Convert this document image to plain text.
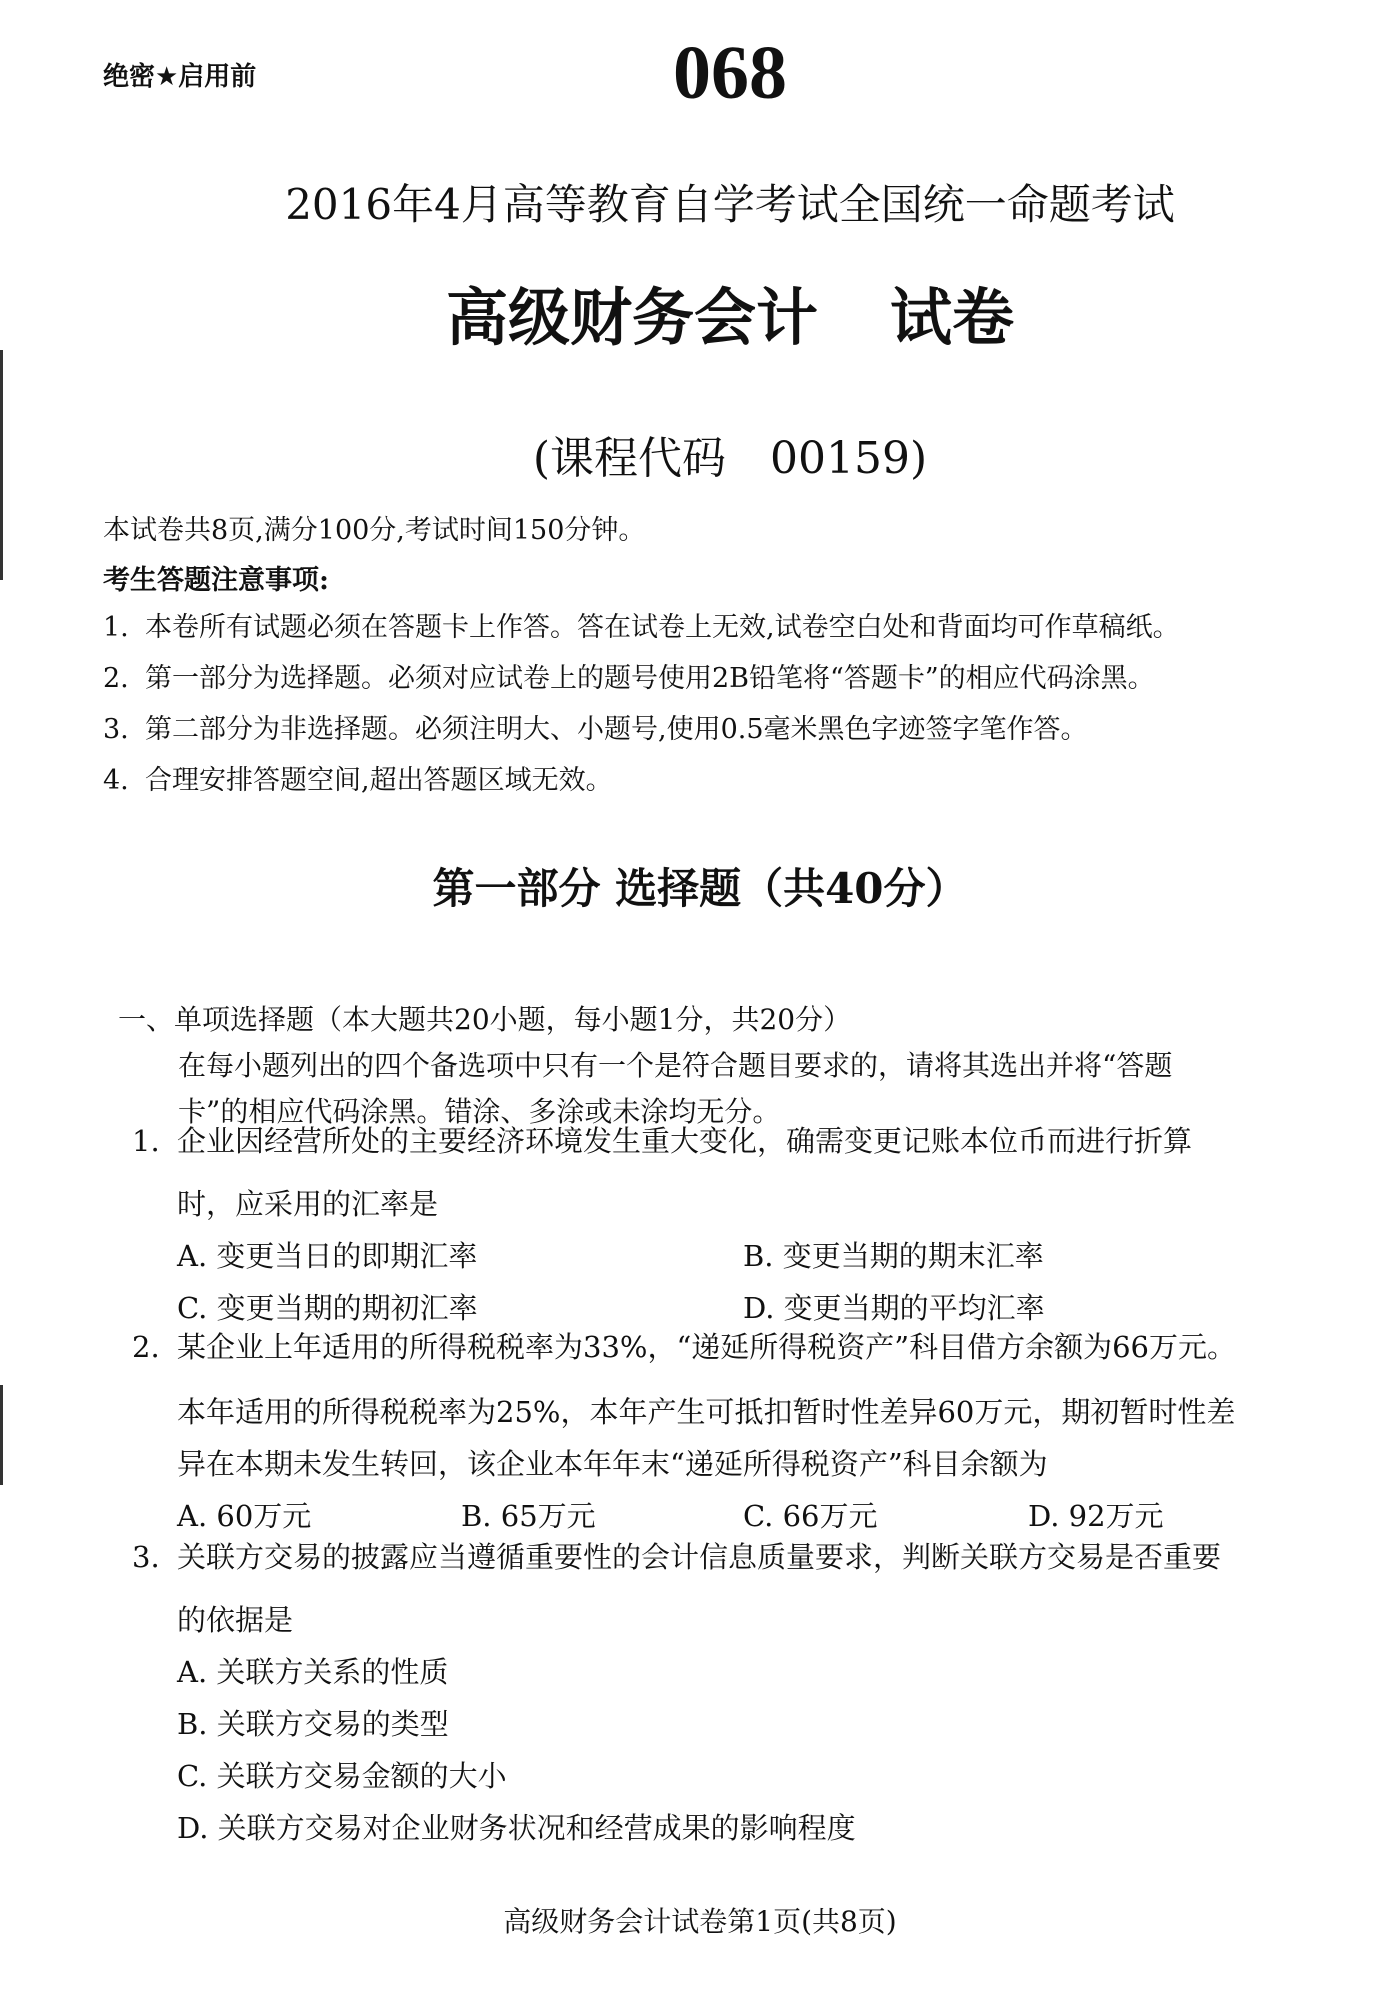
绝密★启用前	068
2016年4月高等教育自学考试全国统一命题考试
高级财务会计 试卷
(课程代码　00159)
本试卷共8页,满分100分,考试时间150分钟。
考生答题注意事项:
1. 本卷所有试题必须在答题卡上作答。答在试卷上无效,试卷空白处和背面均可作草稿纸。
2. 第一部分为选择题。必须对应试卷上的题号使用2B铅笔将“答题卡”的相应代码涂黑。
3. 第二部分为非选择题。必须注明大、小题号,使用0.5毫米黑色字迹签字笔作答。
4. 合理安排答题空间,超出答题区域无效。
第一部分 选择题（共40分）
一、单项选择题（本大题共20小题，每小题1分，共20分）
在每小题列出的四个备选项中只有一个是符合题目要求的，请将其选出并将“答题
卡”的相应代码涂黑。错涂、多涂或未涂均无分。
1. 企业因经营所处的主要经济环境发生重大变化，确需变更记账本位币而进行折算
时，应采用的汇率是
A. 变更当日的即期汇率	B. 变更当期的期末汇率
C. 变更当期的期初汇率	D. 变更当期的平均汇率
2. 某企业上年适用的所得税税率为33%，“递延所得税资产”科目借方余额为66万元。
本年适用的所得税税率为25%，本年产生可抵扣暂时性差异60万元，期初暂时性差
异在本期未发生转回，该企业本年年末“递延所得税资产”科目余额为
A. 60万元	B. 65万元	C. 66万元	D. 92万元
3. 关联方交易的披露应当遵循重要性的会计信息质量要求，判断关联方交易是否重要
的依据是
A. 关联方关系的性质
B. 关联方交易的类型
C. 关联方交易金额的大小
D. 关联方交易对企业财务状况和经营成果的影响程度
高级财务会计试卷第1页(共8页)
